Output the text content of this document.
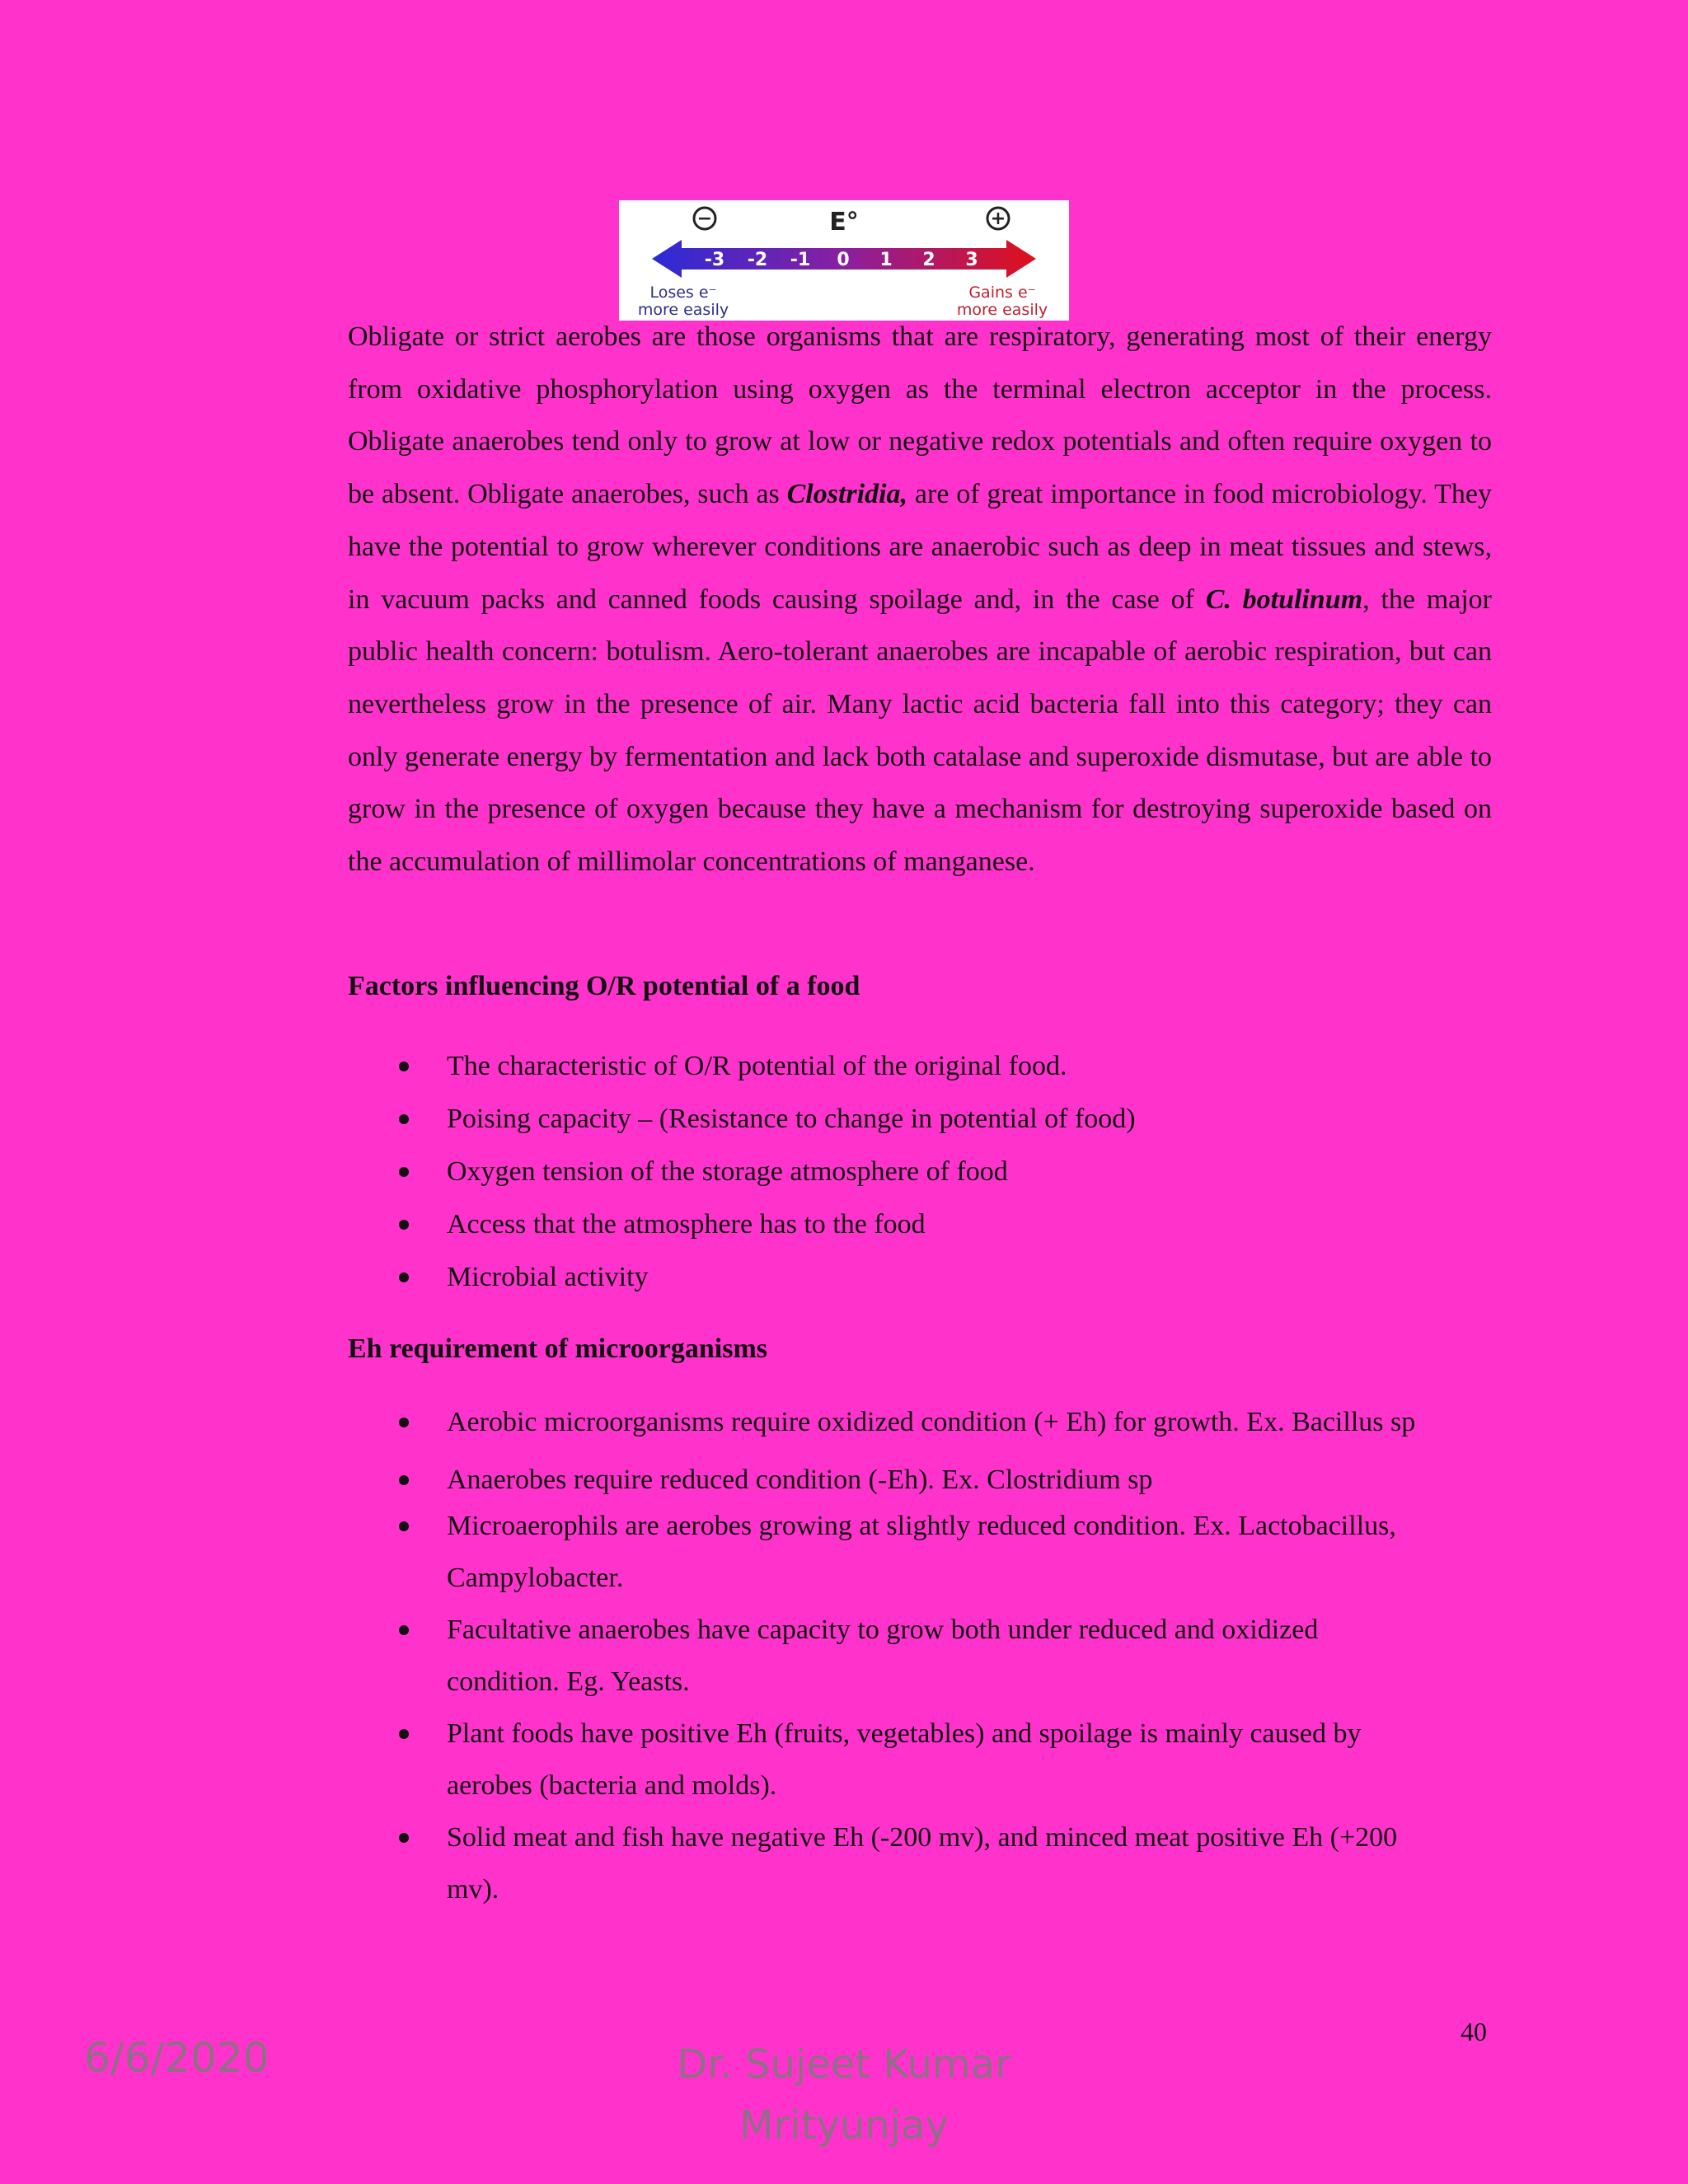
−	+
E°
-3 -2 -1 0 1 2 3
Loses e⁻
more easily
Gains e⁻
more easily

Obligate or strict aerobes are those organisms that are respiratory, generating most of their energy from oxidative phosphorylation using oxygen as the terminal electron acceptor in the process. Obligate anaerobes tend only to grow at low or negative redox potentials and often require oxygen to be absent. Obligate anaerobes, such as Clostridia, are of great importance in food microbiology. They have the potential to grow wherever conditions are anaerobic such as deep in meat tissues and stews, in vacuum packs and canned foods causing spoilage and, in the case of C. botulinum, the major public health concern: botulism. Aero-tolerant anaerobes are incapable of aerobic respiration, but can nevertheless grow in the presence of air. Many lactic acid bacteria fall into this category; they can only generate energy by fermentation and lack both catalase and superoxide dismutase, but are able to grow in the presence of oxygen because they have a mechanism for destroying superoxide based on the accumulation of millimolar concentrations of manganese.

Factors influencing O/R potential of a food
The characteristic of O/R potential of the original food.
Poising capacity – (Resistance to change in potential of food)
Oxygen tension of the storage atmosphere of food
Access that the atmosphere has to the food
Microbial activity
Eh requirement of microorganisms
Aerobic microorganisms require oxidized condition (+ Eh) for growth. Ex. Bacillus sp
Anaerobes require reduced condition (-Eh). Ex. Clostridium sp
Microaerophils are aerobes growing at slightly reduced condition. Ex. Lactobacillus, Campylobacter.
Facultative anaerobes have capacity to grow both under reduced and oxidized condition. Eg. Yeasts.
Plant foods have positive Eh (fruits, vegetables) and spoilage is mainly caused by aerobes (bacteria and molds).
Solid meat and fish have negative Eh (-200 mv), and minced meat positive Eh (+200 mv).
40
6/6/2020	Dr. Sujeet Kumar Mrityunjay
